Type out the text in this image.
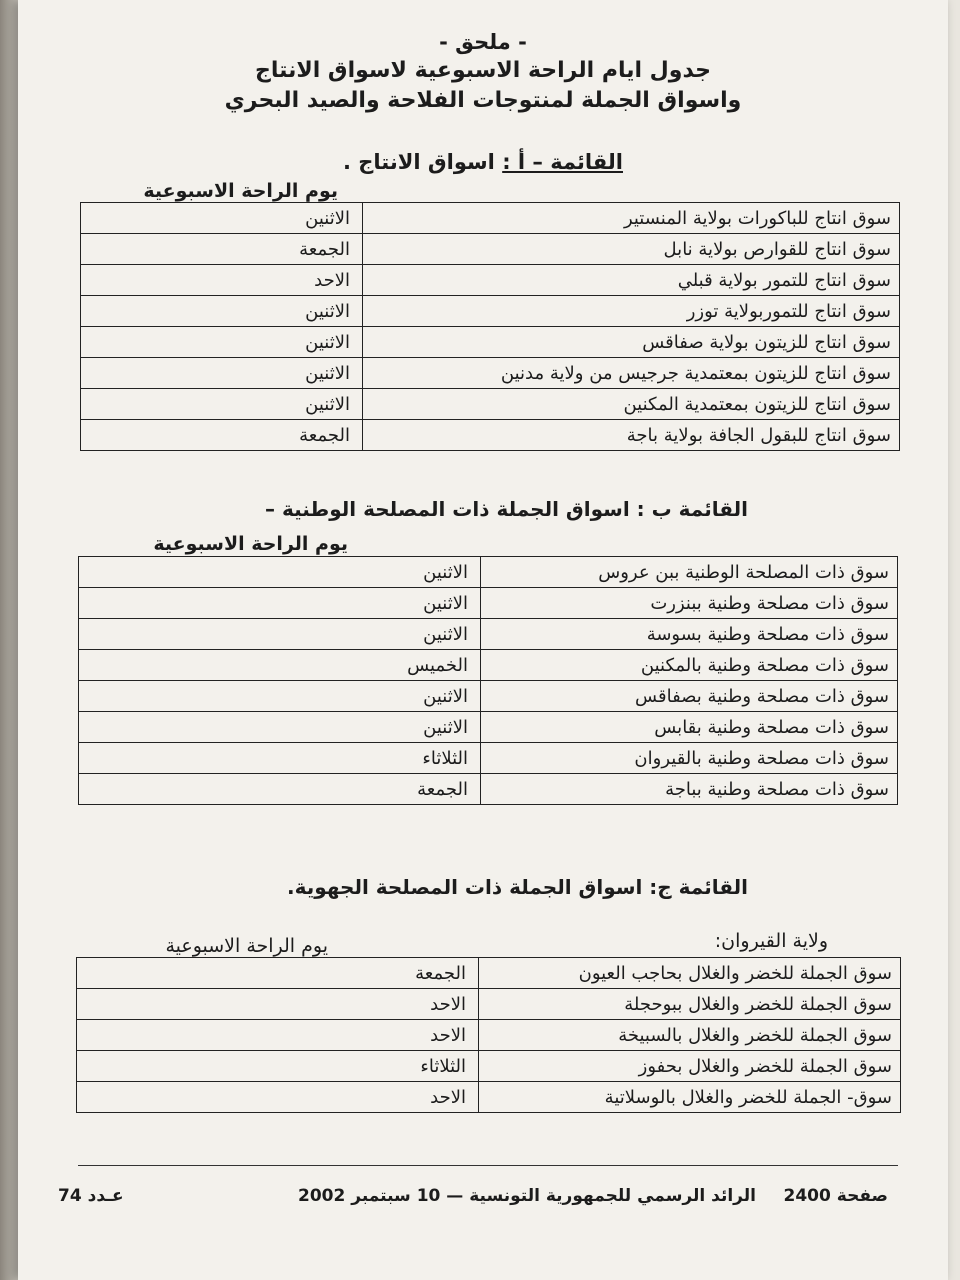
- ملحق -
جدول ايام الراحة الاسبوعية لاسواق الانتاج
واسواق الجملة لمنتوجات الفلاحة والصيد البحري
القائمة – أ : اسواق الانتاج .
يوم الراحة الاسبوعية
سوق انتاج للباكورات بولاية المنستير	الاثنين
سوق انتاج للقوارص بولاية نابل	الجمعة
سوق انتاج للتمور بولاية قبلي	الاحد
سوق انتاج للتموربولاية توزر	الاثنين
سوق انتاج للزيتون بولاية صفاقس	الاثنين
سوق انتاج للزيتون بمعتمدية جرجيس من ولاية مدنين	الاثنين
سوق انتاج للزيتون بمعتمدية المكنين	الاثنين
سوق انتاج للبقول الجافة بولاية باجة	الجمعة
القائمة ب : اسواق الجملة ذات المصلحة الوطنية –
يوم الراحة الاسبوعية
سوق ذات المصلحة الوطنية ببن عروس	الاثنين
سوق ذات مصلحة وطنية ببنزرت	الاثنين
سوق ذات مصلحة وطنية بسوسة	الاثنين
سوق ذات مصلحة وطنية بالمكنين	الخميس
سوق ذات مصلحة وطنية بصفاقس	الاثنين
سوق ذات مصلحة وطنية بقابس	الاثنين
سوق ذات مصلحة وطنية بالقيروان	الثلاثاء
سوق ذات مصلحة وطنية بباجة	الجمعة
القائمة ج: اسواق الجملة ذات المصلحة الجهوية.
ولاية القيروان:
يوم الراحة الاسبوعية
سوق الجملة للخضر والغلال بحاجب العيون	الجمعة
سوق الجملة للخضر والغلال ببوحجلة	الاحد
سوق الجملة للخضر والغلال بالسبيخة	الاحد
سوق الجملة للخضر والغلال بحفوز	الثلاثاء
سوق- الجملة للخضر والغلال بالوسلاتية	الاحد
صفحة 2400
الرائد الرسمي للجمهورية التونسية — 10 سبتمبر 2002
عـدد 74
